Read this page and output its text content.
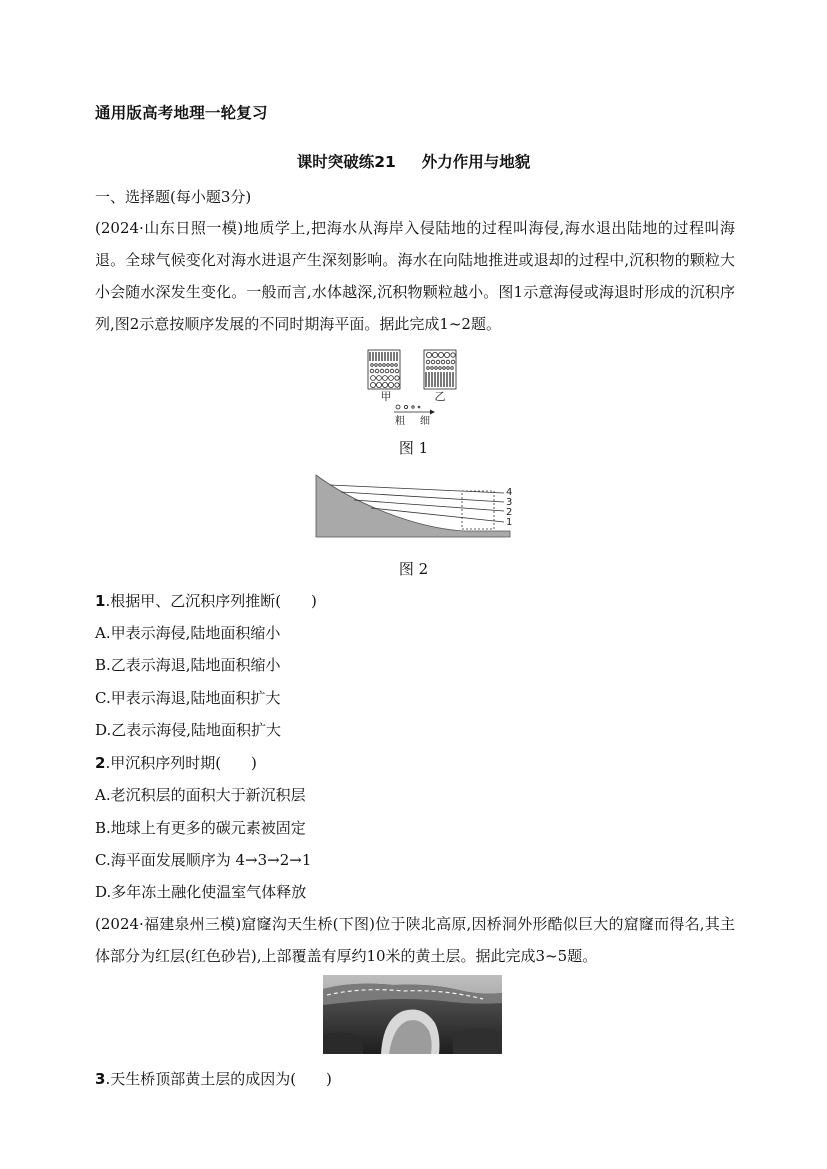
通用版高考地理一轮复习
课时突破练21 外力作用与地貌
一、选择题(每小题3分)
(2024·山东日照一模)地质学上,把海水从海岸入侵陆地的过程叫海侵,海水退出陆地的过程叫海退。全球气候变化对海水进退产生深刻影响。海水在向陆地推进或退却的过程中,沉积物的颗粒大小会随水深发生变化。一般而言,水体越深,沉积物颗粒越小。图1示意海侵或海退时形成的沉积序列,图2示意按顺序发展的不同时期海平面。据此完成1~2题。
甲	乙
粗 细
图 1
4
3
2
1
图 2
1.根据甲、乙沉积序列推断(　　)
A.甲表示海侵,陆地面积缩小
B.乙表示海退,陆地面积缩小
C.甲表示海退,陆地面积扩大
D.乙表示海侵,陆地面积扩大
2.甲沉积序列时期(　　)
A.老沉积层的面积大于新沉积层
B.地球上有更多的碳元素被固定
C.海平面发展顺序为 4→3→2→1
D.多年冻土融化使温室气体释放
(2024·福建泉州三模)窟窿沟天生桥(下图)位于陕北高原,因桥洞外形酷似巨大的窟窿而得名,其主体部分为红层(红色砂岩),上部覆盖有厚约10米的黄土层。据此完成3~5题。
3.天生桥顶部黄土层的成因为(　　)
